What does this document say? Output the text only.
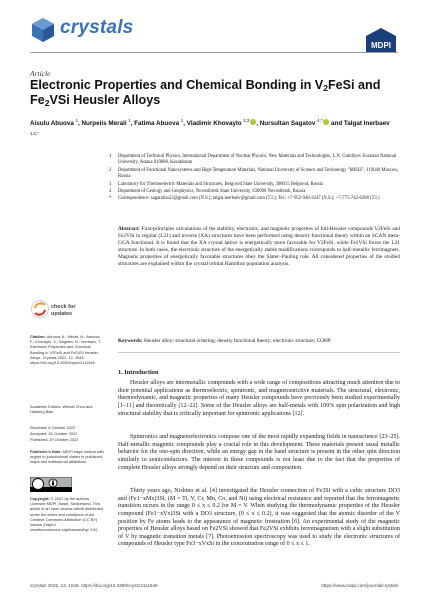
crystals
MDPI
Article
Electronic Properties and Chemical Bonding in $V_2FeSi$ and
$Fe_2VSi$ Heusler Alloys
Aisulu Abuova $^1$, Nurpeiis Merali $^1$, Fatima Abuova $^1$, Vladimir Khovaylo $^{2,3}$ , Nursultan Sagatov $^{4,*}$ and Talgat Inerbaev $^{1,2,*}$
1 Department of Technical Physics, International Department of Nuclear Physics, New Materials and Technologies, L.N. Gumilyov Eurasian National University, Astana 010008, Kazakhstan
2 Department of Functional Nanosystems and High-Temperature Materials, National University of Science and Technology "MISIS", 119049 Moscow, Russia
3 Laboratory for Thermoelectric Materials and Structures, Belgorod State University, 308015 Belgorod, Russia
4 Department of Geology and Geophysics, Novosibirsk State University, 630090 Novosibirsk, Russia
* Correspondence: sagatinho23@gmail.com (N.S.); talgat.inerbaev@gmail.com (T.I.); Tel.: +7-952-940-3247 (N.S.); +7-775-742-6208 (T.I.)
Abstract: First-principles calculations of the stability, electronic, and magnetic properties of full-Heusler compounds V2FeSi and Fe2VSi in regular (L21) and inverse (XA) structures have been performed using density functional theory within an SCAN meta-GGA functional. It is found that the XA crystal lattice is energetically more favorable for V2FeSi, while Fe2VSi forms the L21 structure. In both cases, the electronic structure of the energetically stable modifications corresponds to half-metallic ferrimagnets. Magnetic properties of energetically favorable structures obey the Slater–Pauling rule. All considered properties of the studied structures are explained within the crystal orbital Hamilton population analysis.
Keywords: Heusler alloy; structural ordering; density functional theory; electronic structure; COHP
check for
updates
Citation: Abuova, A.; Merali, N.; Abuova, F.; Khovaylo, V.; Sagatov, N.; Inerbaev, T. Electronic Properties and Chemical Bonding in V2FeSi and Fe2VSi Heusler Alloys. Crystals 2022, 12, 1546. https://doi.org/10.3390/cryst12111546
Academic Editors: Weiwei Zhou and Haidong Bian
Received: 6 October 2022
Accepted: 26 October 2022
Published: 29 October 2022
Publisher's Note: MDPI stays neutral with regard to jurisdictional claims in published maps and institutional affiliations.
Copyright: © 2022 by the authors. Licensee MDPI, Basel, Switzerland. This article is an open access article distributed under the terms and conditions of the Creative Commons Attribution (CC BY) license (https:// creativecommons.org/licenses/by/ 4.0/).
1. Introduction
Heusler alloys are intermetallic compounds with a wide range of compositions attracting much attention due to their potential applications as thermoelectric, spintronic, and magnetostrictive materials. The structural, electronic, thermodynamic, and magnetic properties of many Heusler compounds have previously been studied experimentally [1–11] and theoretically [12–22]. Some of the Heusler alloys are half-metals with 100% spin polarization and high structural stability that is critically important for spintronic applications [12].
Spintronics and magnetoelectronics compose one of the most rapidly expanding fields in nanoscience [23–25]. Half-metallic magnetic compounds play a crucial role in this development. These materials present usual metallic behavior for the one-spin direction, while an energy gap in the band structure is present in the other spin direction similarly to semiconductors. The interest in these compounds is not least due to the fact that the properties of complete Heusler alloys strongly depend on their structure and composition.
Thirty years ago, Nishino et al. [4] investigated the Heusler connection of Fe3Si with a cubic structure DO3 and (Fe1−xMx)3Si, (M = Ti, V, Cr, Mn, Co, and Ni) using electrical resistance and reported that the ferromagnetic transition occurs in the range 0 ≤ x ≤ 0.2 for M = V. When studying the thermodynamic properties of the Heusler compound (Fe1−xVx)3Si with a DO3 structure, (0 ≤ x ≤ 0.2), it was suggested that the atomic disorder of the V position by Fe atoms leads to the appearance of magnetic frustration [6]. An experimental study of the magnetic properties of Heusler alloys based on Fe2VSi showed that Fe2VSi exhibits ferromagnetism with a slight substitution of V by magnetic transition metals [7]. Photoemission spectroscopy was used to study the electronic structures of compounds of Heusler type Fe3−xVxSi in the concentration range of 0 ≤ x ≤ 1.
Crystals 2022, 12, 1546. https://doi.org/10.3390/cryst12111546	https://www.mdpi.com/journal/crystals
